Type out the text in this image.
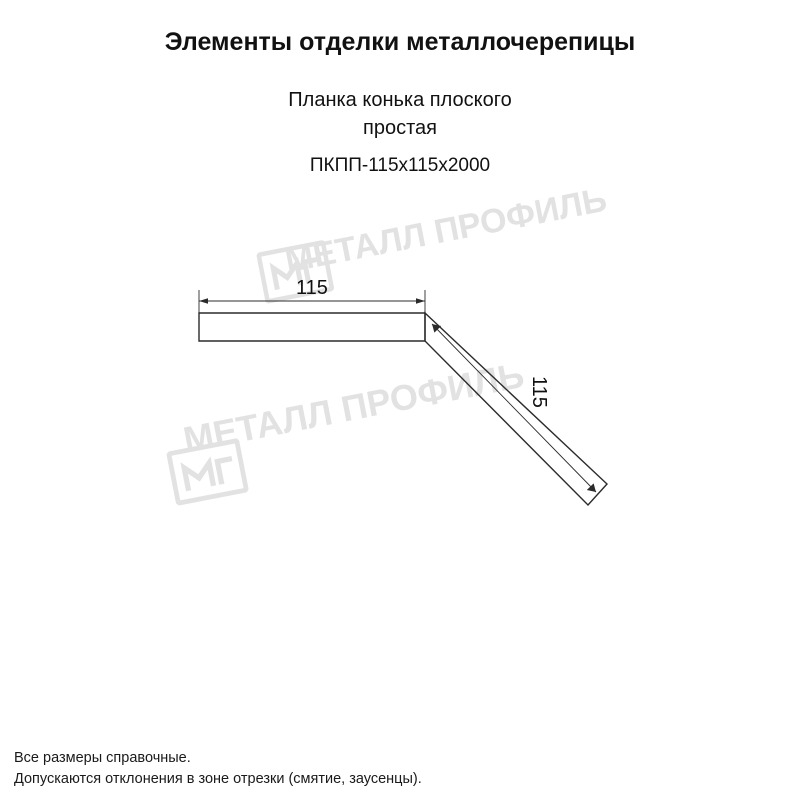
Элементы отделки металлочерепицы
Планка конька плоского
простая
ПКПП-115х115х2000
МЕТАЛЛ ПРОФИЛЬ
МЕТАЛЛ ПРОФИЛЬ
115
115
Все размеры справочные.
Допускаются отклонения в зоне отрезки (смятие, заусенцы).
